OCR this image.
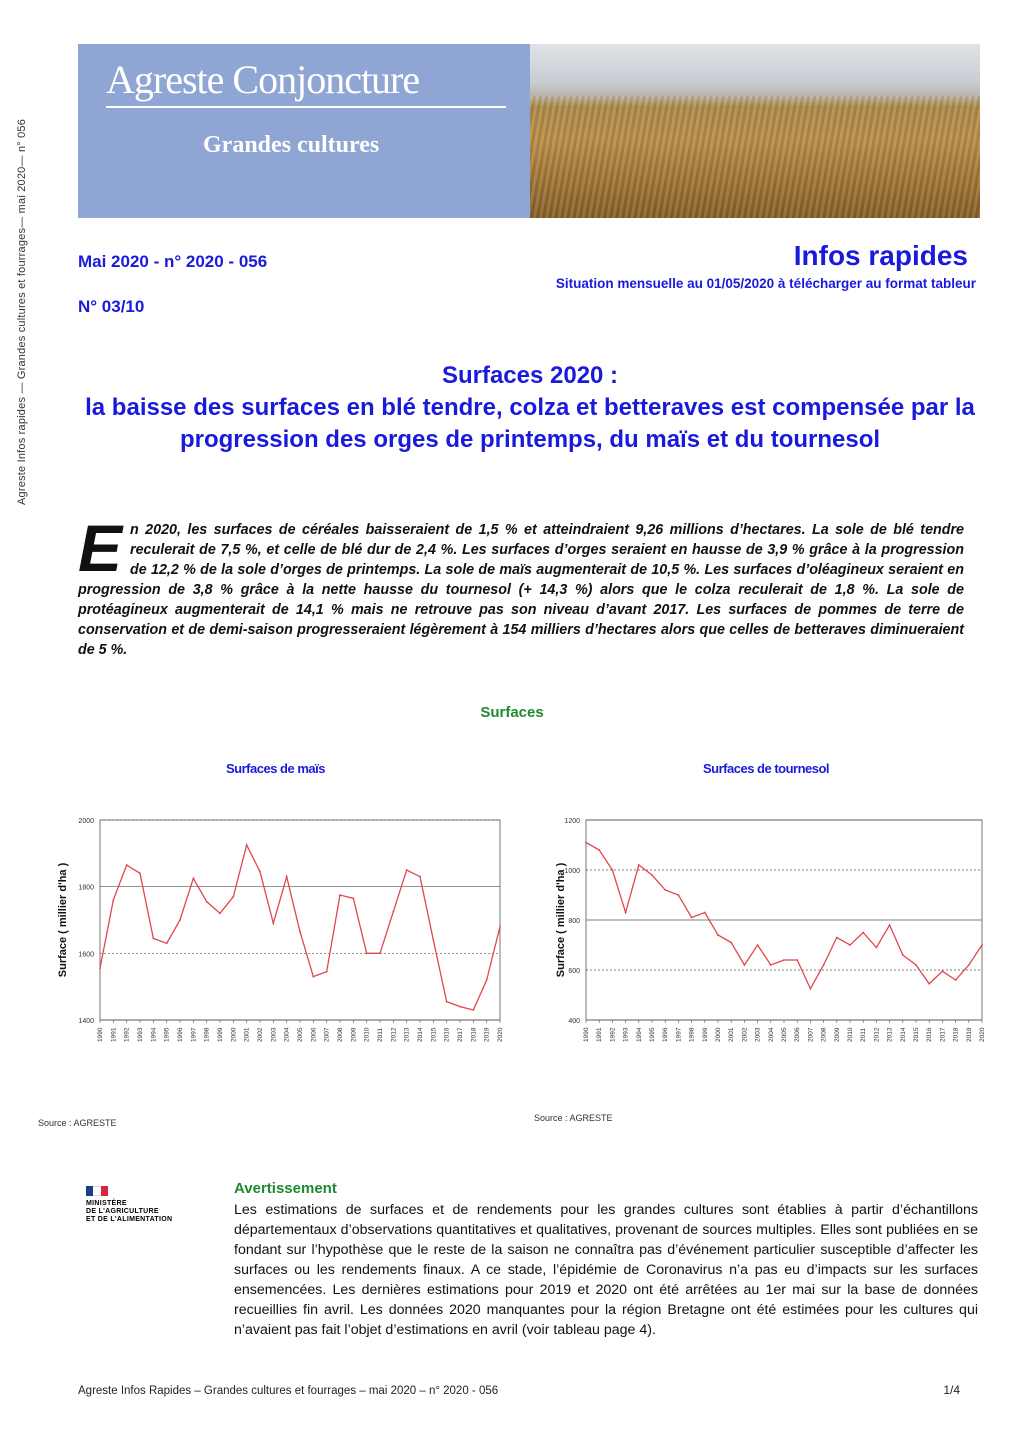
Agreste Infos rapides — Grandes cultures et fourrages— mai 2020— n° 056
Agreste Conjoncture
Grandes cultures
Mai 2020 - n° 2020 - 056
N° 03/10
Infos rapides
Situation mensuelle au 01/05/2020 à télécharger au format tableur
Surfaces 2020 :
la baisse des surfaces en blé tendre, colza et betteraves est compensée par la progression des orges de printemps, du maïs et du tournesol
En 2020, les surfaces de céréales baisseraient de 1,5 % et atteindraient 9,26 millions d’hectares. La sole de blé tendre reculerait de 7,5 %, et celle de blé dur de 2,4 %. Les surfaces d’orges seraient en hausse de 3,9 % grâce à la progression de 12,2 % de la sole d’orges de printemps. La sole de maïs augmenterait de 10,5 %. Les surfaces d’oléagineux seraient en progression de 3,8 % grâce à la nette hausse du tournesol (+ 14,3 %) alors que le colza reculerait de 1,8 %. La sole de protéagineux augmenterait de 14,1 % mais ne retrouve pas son niveau d’avant 2017. Les surfaces de pommes de terre de conservation et de demi-saison progresseraient légèrement à 154 milliers d’hectares alors que celles de betteraves diminueraient de 5 %.
Surfaces
Surfaces de maïs
1400
1600
1800
2000
1990 1991 1992 1993 1994 1995 1996 1997 1998 1999 2000 2001 2002 2003 2004 2005 2006 2007 2008 2009 2010 2011 2012 2013 2014 2015 2016 2017 2018 2019 2020
Surface ( millier d'ha )
Source : AGRESTE
Surfaces de tournesol
400
600
800
1000
1200
1990 1991 1992 1993 1994 1995 1996 1997 1998 1999 2000 2001 2002 2003 2004 2005 2006 2007 2008 2009 2010 2011 2012 2013 2014 2015 2016 2017 2018 2019 2020
Surface ( millier d'ha )
Source : AGRESTE
MINISTÈRE
DE L'AGRICULTURE
ET DE L'ALIMENTATION
Avertissement
Les estimations de surfaces et de rendements pour les grandes cultures sont établies à partir d’échantillons départementaux d’observations quantitatives et qualitatives, provenant de sources multiples. Elles sont publiées en se fondant sur l’hypothèse que le reste de la saison ne connaîtra pas d’événement particulier susceptible d’affecter les surfaces ou les rendements finaux. A ce stade, l’épidémie de Coronavirus n’a pas eu d’impacts sur les surfaces ensemencées. Les dernières estimations pour 2019 et 2020 ont été arrêtées au 1er mai sur la base de données recueillies fin avril. Les données 2020 manquantes pour la région Bretagne ont été estimées pour les cultures qui n’avaient pas fait l’objet d’estimations en avril (voir tableau page 4).
Agreste Infos Rapides – Grandes cultures et fourrages – mai 2020 – n° 2020 - 056	1/4
